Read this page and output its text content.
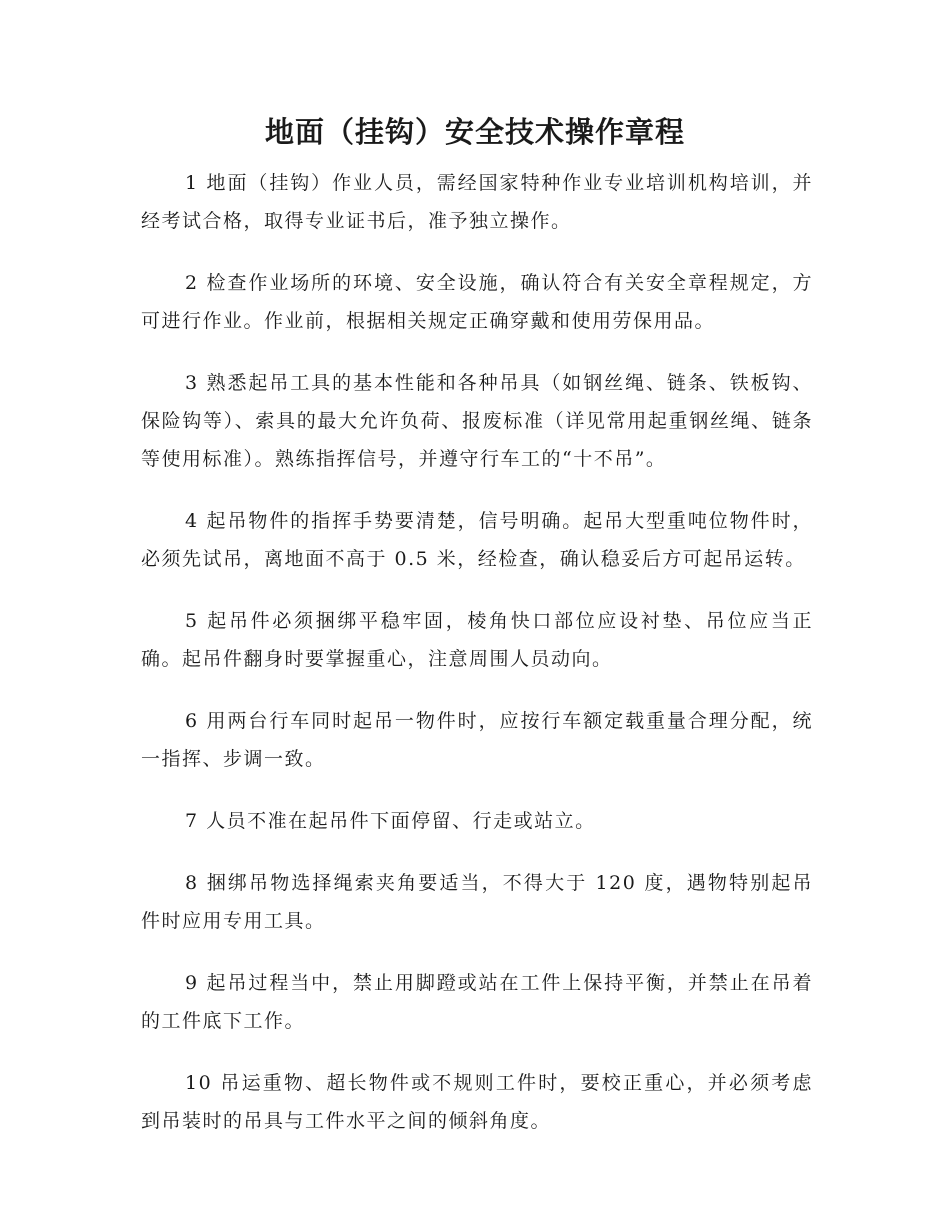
地面（挂钩）安全技术操作章程

1 地面（挂钩）作业人员，需经国家特种作业专业培训机构培训，并经考试合格，取得专业证书后，准予独立操作。

2 检查作业场所的环境、安全设施，确认符合有关安全章程规定，方可进行作业。作业前，根据相关规定正确穿戴和使用劳保用品。

3 熟悉起吊工具的基本性能和各种吊具（如钢丝绳、链条、铁板钩、保险钩等）、索具的最大允许负荷、报废标准（详见常用起重钢丝绳、链条等使用标准）。熟练指挥信号，并遵守行车工的“十不吊”。

4 起吊物件的指挥手势要清楚，信号明确。起吊大型重吨位物件时，必须先试吊，离地面不高于 0.5 米，经检查，确认稳妥后方可起吊运转。

5 起吊件必须捆绑平稳牢固，棱角快口部位应设衬垫、吊位应当正确。起吊件翻身时要掌握重心，注意周围人员动向。

6 用两台行车同时起吊一物件时，应按行车额定载重量合理分配，统一指挥、步调一致。

7 人员不准在起吊件下面停留、行走或站立。

8 捆绑吊物选择绳索夹角要适当，不得大于 120 度，遇物特别起吊件时应用专用工具。

9 起吊过程当中，禁止用脚蹬或站在工件上保持平衡，并禁止在吊着的工件底下工作。

10 吊运重物、超长物件或不规则工件时，要校正重心，并必须考虑到吊装时的吊具与工件水平之间的倾斜角度。
